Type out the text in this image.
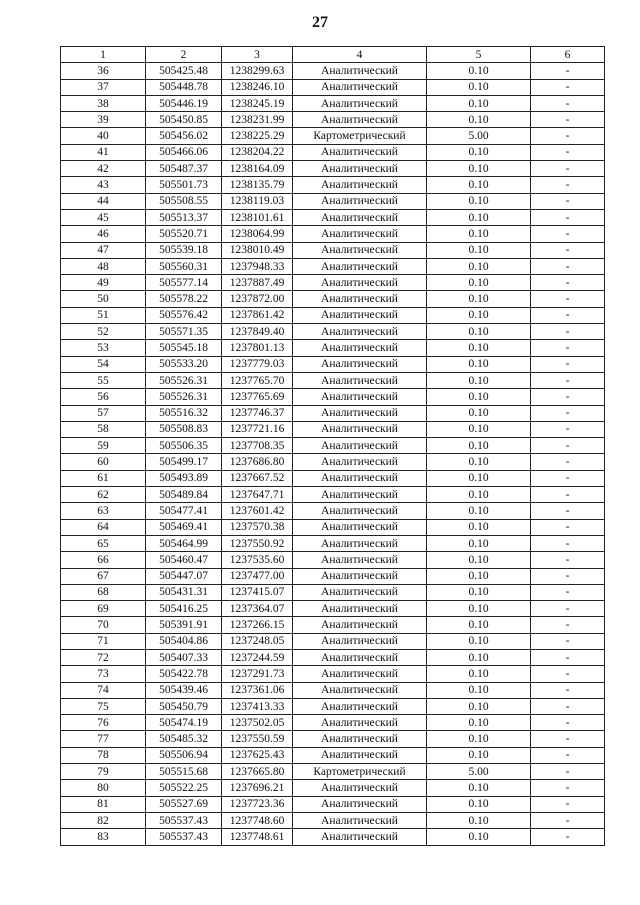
27
1	2	3	4	5	6
36	505425.48	1238299.63	Аналитический	0.10	-
37	505448.78	1238246.10	Аналитический	0.10	-
38	505446.19	1238245.19	Аналитический	0.10	-
39	505450.85	1238231.99	Аналитический	0.10	-
40	505456.02	1238225.29	Картометрический	5.00	-
41	505466.06	1238204.22	Аналитический	0.10	-
42	505487.37	1238164.09	Аналитический	0.10	-
43	505501.73	1238135.79	Аналитический	0.10	-
44	505508.55	1238119.03	Аналитический	0.10	-
45	505513.37	1238101.61	Аналитический	0.10	-
46	505520.71	1238064.99	Аналитический	0.10	-
47	505539.18	1238010.49	Аналитический	0.10	-
48	505560.31	1237948.33	Аналитический	0.10	-
49	505577.14	1237887.49	Аналитический	0.10	-
50	505578.22	1237872.00	Аналитический	0.10	-
51	505576.42	1237861.42	Аналитический	0.10	-
52	505571.35	1237849.40	Аналитический	0.10	-
53	505545.18	1237801.13	Аналитический	0.10	-
54	505533.20	1237779.03	Аналитический	0.10	-
55	505526.31	1237765.70	Аналитический	0.10	-
56	505526.31	1237765.69	Аналитический	0.10	-
57	505516.32	1237746.37	Аналитический	0.10	-
58	505508.83	1237721.16	Аналитический	0.10	-
59	505506.35	1237708.35	Аналитический	0.10	-
60	505499.17	1237686.80	Аналитический	0.10	-
61	505493.89	1237667.52	Аналитический	0.10	-
62	505489.84	1237647.71	Аналитический	0.10	-
63	505477.41	1237601.42	Аналитический	0.10	-
64	505469.41	1237570.38	Аналитический	0.10	-
65	505464.99	1237550.92	Аналитический	0.10	-
66	505460.47	1237535.60	Аналитический	0.10	-
67	505447.07	1237477.00	Аналитический	0.10	-
68	505431.31	1237415.07	Аналитический	0.10	-
69	505416.25	1237364.07	Аналитический	0.10	-
70	505391.91	1237266.15	Аналитический	0.10	-
71	505404.86	1237248.05	Аналитический	0.10	-
72	505407.33	1237244.59	Аналитический	0.10	-
73	505422.78	1237291.73	Аналитический	0.10	-
74	505439.46	1237361.06	Аналитический	0.10	-
75	505450.79	1237413.33	Аналитический	0.10	-
76	505474.19	1237502.05	Аналитический	0.10	-
77	505485.32	1237550.59	Аналитический	0.10	-
78	505506.94	1237625.43	Аналитический	0.10	-
79	505515.68	1237665.80	Картометрический	5.00	-
80	505522.25	1237696.21	Аналитический	0.10	-
81	505527.69	1237723.36	Аналитический	0.10	-
82	505537.43	1237748.60	Аналитический	0.10	-
83	505537.43	1237748.61	Аналитический	0.10	-
